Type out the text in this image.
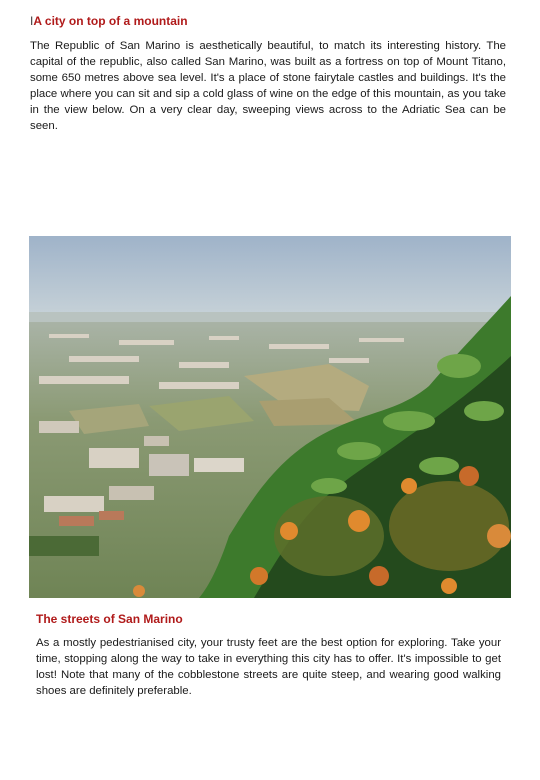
IA city on top of a mountain

The Republic of San Marino is aesthetically beautiful, to match its interesting history. The capital of the republic, also called San Marino, was built as a fortress on top of Mount Titano, some 650 metres above sea level. It's a place of stone fairytale castles and buildings. It's the place where you can sit and sip a cold glass of wine on the edge of this mountain, as you take in the view below. On a very clear day, sweeping views across to the Adriatic Sea can be seen.

The streets of San Marino

As a mostly pedestrianised city, your trusty feet are the best option for exploring. Take your time, stopping along the way to take in everything this city has to offer. It's impossible to get lost! Note that many of the cobblestone streets are quite steep, and wearing good walking shoes are definitely preferable.
